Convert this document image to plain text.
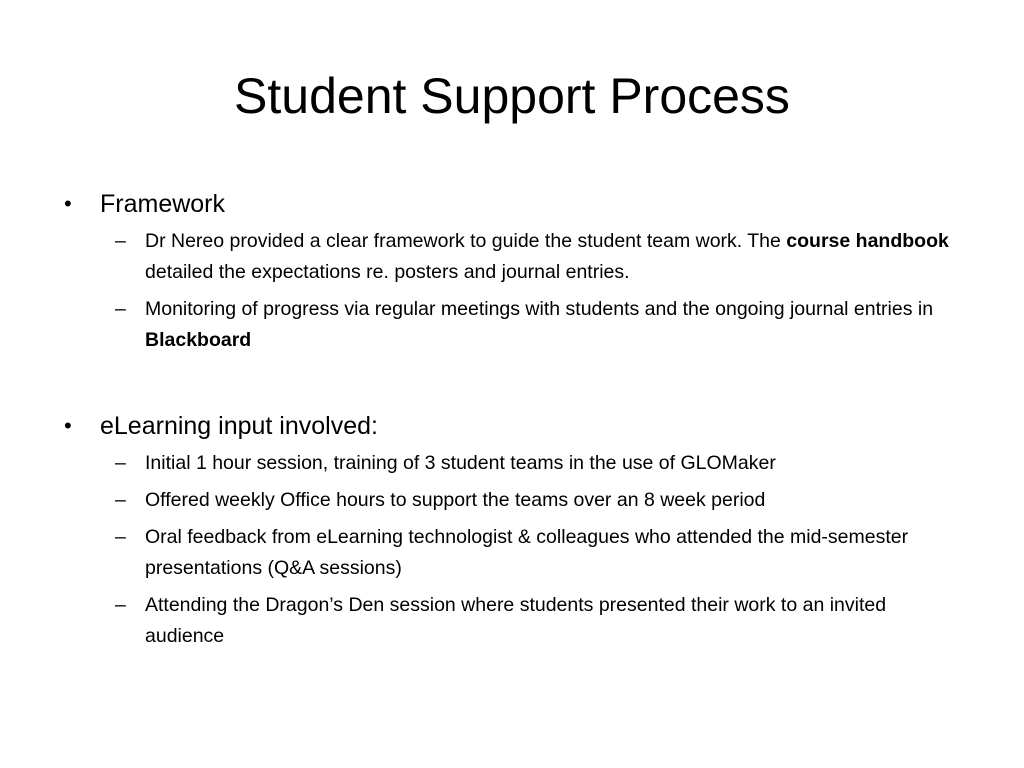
Student Support Process
• Framework
– Dr Nereo provided a clear framework to guide the student team work. The course handbook detailed the expectations re. posters and journal entries.
– Monitoring of progress via regular meetings with students and the ongoing journal entries in Blackboard
• eLearning input involved:
– Initial 1 hour session, training of 3 student teams in the use of GLOMaker
– Offered weekly Office hours to support the teams over an 8 week period
– Oral feedback from eLearning technologist & colleagues who attended the mid-semester presentations (Q&A sessions)
– Attending the Dragon’s Den session where students presented their work to an invited audience
